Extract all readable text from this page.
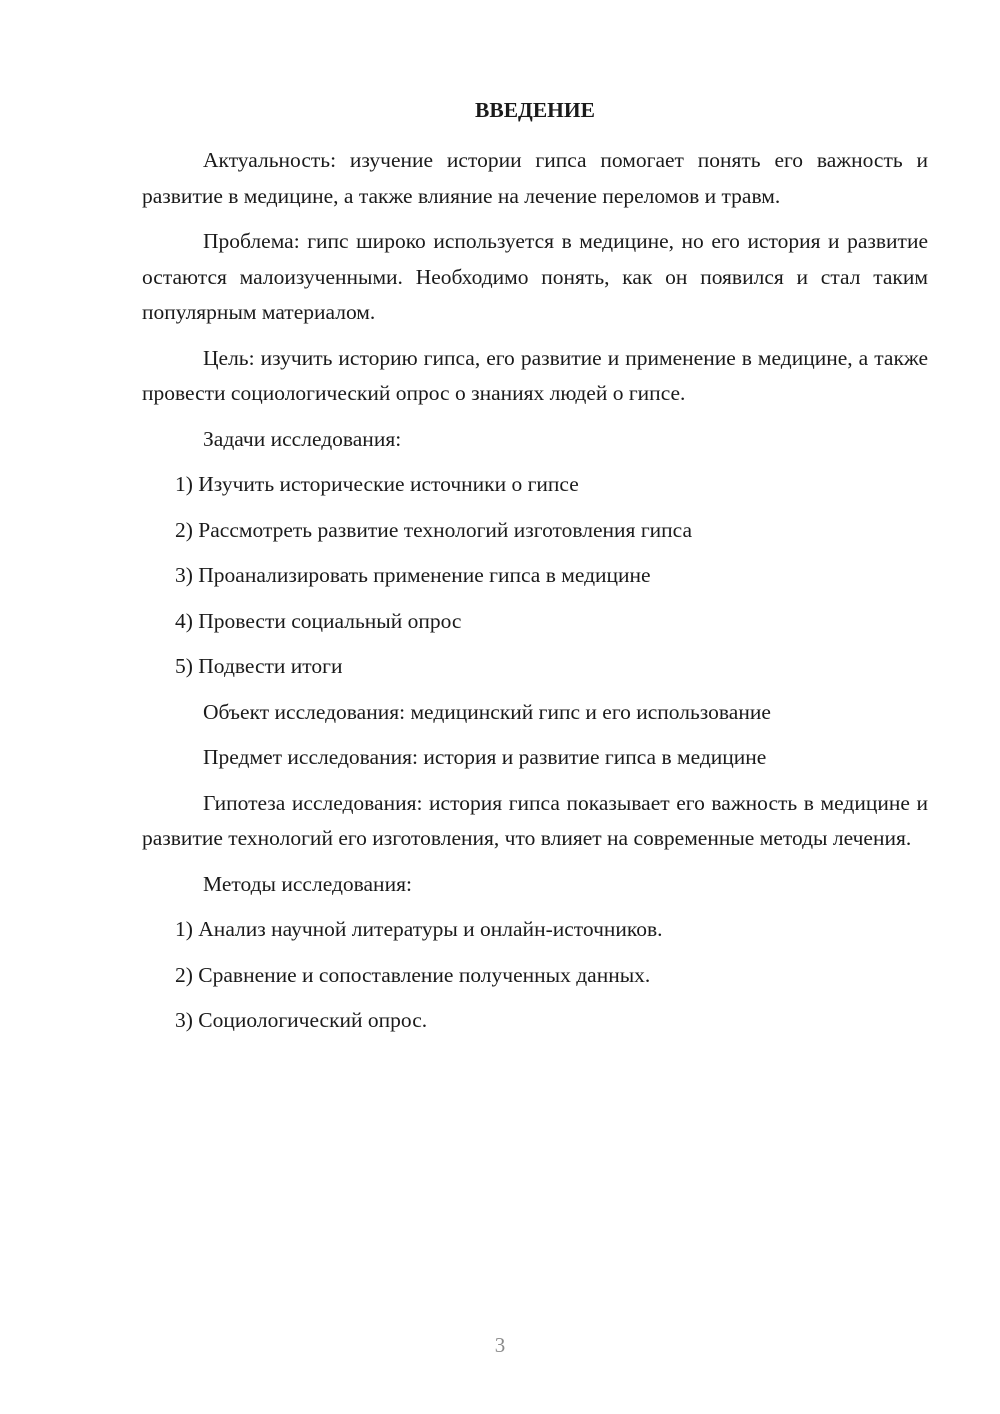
ВВЕДЕНИЕ

Актуальность: изучение истории гипса помогает понять его важность и развитие в медицине, а также влияние на лечение переломов и травм.

Проблема: гипс широко используется в медицине, но его история и развитие остаются малоизученными. Необходимо понять, как он появился и стал таким популярным материалом.

Цель: изучить историю гипса, его развитие и применение в медицине, а также провести социологический опрос о знаниях людей о гипсе.

Задачи исследования:

1) Изучить исторические источники о гипсе

2) Рассмотреть развитие технологий изготовления гипса

3) Проанализировать применение гипса в медицине

4) Провести социальный опрос

5) Подвести итоги

Объект исследования: медицинский гипс и его использование

Предмет исследования: история и развитие гипса в медицине

Гипотеза исследования: история гипса показывает его важность в медицине и развитие технологий его изготовления, что влияет на современные методы лечения.

Методы исследования:

1) Анализ научной литературы и онлайн-источников.

2) Сравнение и сопоставление полученных данных.

3) Социологический опрос.

3
